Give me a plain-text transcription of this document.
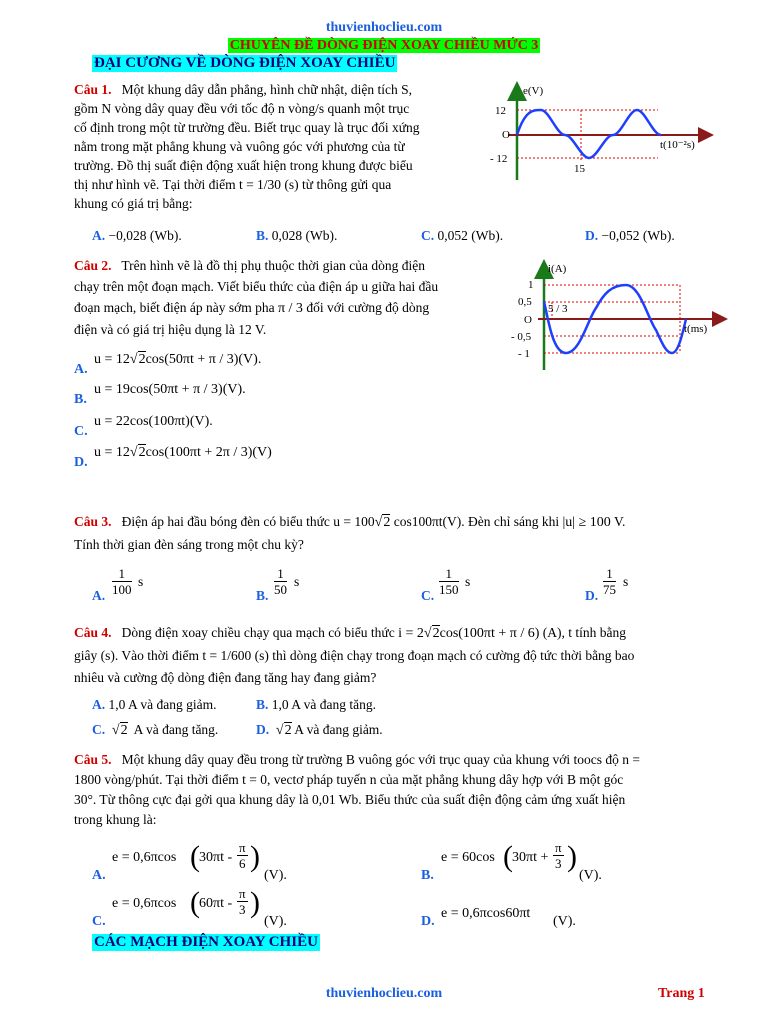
thuvienhoclieu.com
CHUYÊN ĐỀ DÒNG ĐIỆN XOAY CHIỀU MỨC 3
ĐẠI CƯƠNG VỀ DÒNG ĐIỆN XOAY CHIỀU
Câu 1. Một khung dây dẫn phẳng, hình chữ nhật, diện tích S,
gồm N vòng dây quay đều với tốc độ n vòng/s quanh một trục
cố định trong một từ trường đều. Biết trục quay là trục đối xứng
nằm trong mặt phẳng khung và vuông góc với phương của từ
trường. Đồ thị suất điện động xuất hiện trong khung được biểu
thị như hình vẽ. Tại thời điểm t = 1/30 (s) từ thông gửi qua
khung có giá trị bằng:
e(V)
12
O
- 12
15
t(10⁻²s)
A. −0,028 (Wb).	B. 0,028 (Wb).	C. 0,052 (Wb).	D. −0,052 (Wb).
Câu 2. Trên hình vẽ là đồ thị phụ thuộc thời gian của dòng điện
chạy trên một đoạn mạch. Viết biểu thức của điện áp u giữa hai đầu
đoạn mạch, biết điện áp này sớm pha π / 3 đối với cường độ dòng
điện và có giá trị hiệu dụng là 12 V.
i(A)
1
0,5
5 / 3
O
- 0,5
- 1
t(ms)
A.
u = 12√2cos(50πt + π / 3)(V).
B.
u = 19cos(50πt + π / 3)(V).
C.
u = 22cos(100πt)(V).
D.
u = 12√2cos(100πt + 2π / 3)(V)
Câu 3. Điện áp hai đầu bóng đèn có biểu thức u = 100√2 cos100πt(V). Đèn chỉ sáng khi |u| ≥ 100 V.
Tính thời gian đèn sáng trong một chu kỳ?
A. $\frac{1}{100}$ s
B. $\frac{1}{50}$ s
C. $\frac{1}{150}$ s
D. $\frac{1}{75}$ s
Câu 4. Dòng điện xoay chiều chạy qua mạch có biểu thức i = 2√2cos(100πt + π / 6) (A), t tính bằng
giây (s). Vào thời điểm t = 1/600 (s) thì dòng điện chạy trong đoạn mạch có cường độ tức thời bằng bao
nhiêu và cường độ dòng điện đang tăng hay đang giảm?
A. 1,0 A và đang giảm.	B. 1,0 A và đang tăng.
C. √2 A và đang tăng.	D. √2 A và đang giảm.
Câu 5. Một khung dây quay đều trong từ trường B vuông góc với trục quay của khung với toocs độ n =
1800 vòng/phút. Tại thời điểm t = 0, vectơ pháp tuyến n của mặt phẳng khung dây hợp với B một góc
30°. Từ thông cực đại gởi qua khung dây là 0,01 Wb. Biểu thức của suất điện động cảm ứng xuất hiện
trong khung là:
A.
e = 0,6πcos ( $30\pi t - \frac{\pi}{6}$ )
(V).	B.
e = 60cos ( $30\pi t + \frac{\pi}{3}$ )
(V).
C.
e = 0,6πcos ( $60\pi t - \frac{\pi}{3}$ )
(V).	D.
e = 0,6πcos60πt
(V).
CÁC MẠCH ĐIỆN XOAY CHIỀU
thuvienhoclieu.com	Trang 1
